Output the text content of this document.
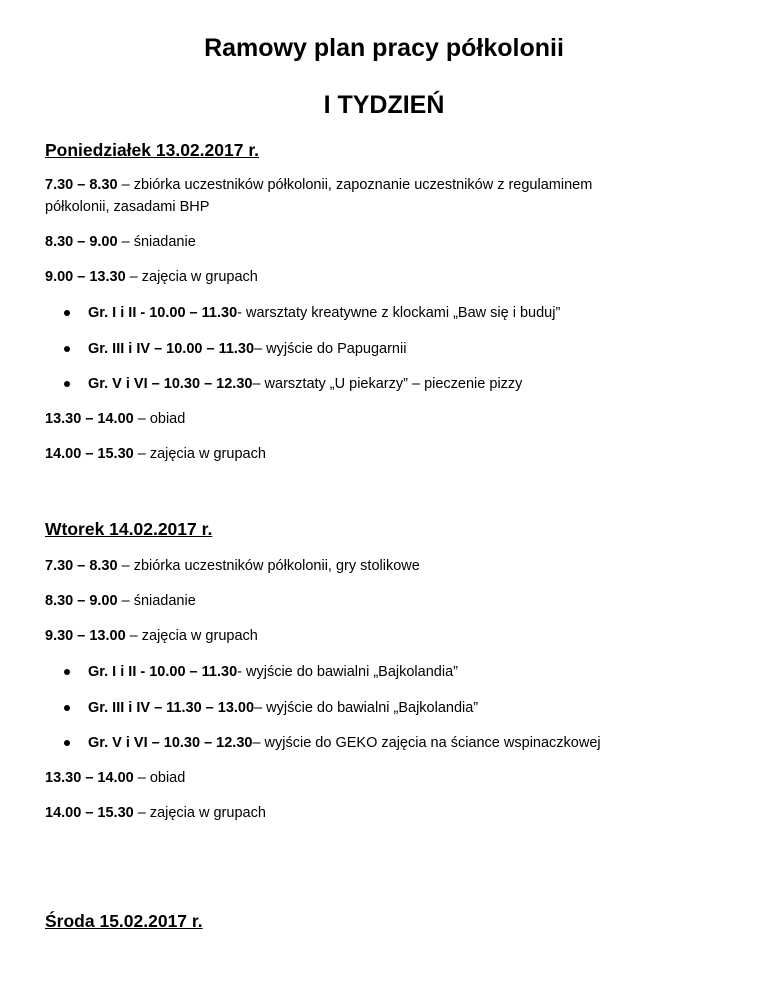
Ramowy plan pracy półkolonii
I TYDZIEŃ

Poniedziałek 13.02.2017 r.

7.30 – 8.30 – zbiórka uczestników półkolonii, zapoznanie uczestników z regulaminem

półkolonii, zasadami BHP

8.30 – 9.00 – śniadanie

9.00 – 13.30 – zajęcia w grupach

Gr. I i II - 10.00 – 11.30 - warsztaty kreatywne z klockami „Baw się i buduj”

Gr. III i IV – 10.00 – 11.30 – wyjście do Papugarnii

Gr. V i VI – 10.30 – 12.30 – warsztaty „U piekarzy” – pieczenie pizzy

13.30 – 14.00 – obiad

14.00 – 15.30 – zajęcia w grupach

Wtorek 14.02.2017 r.

7.30 – 8.30 – zbiórka uczestników półkolonii, gry stolikowe

8.30 – 9.00 – śniadanie

9.30 – 13.00 – zajęcia w grupach

Gr. I i II - 10.00 – 11.30 - wyjście do bawialni „Bajkolandia”

Gr. III i IV – 11.30 – 13.00 – wyjście do bawialni „Bajkolandia”

Gr. V i VI – 10.30 – 12.30 – wyjście do GEKO zajęcia na ściance wspinaczkowej

13.30 – 14.00 – obiad

14.00 – 15.30 – zajęcia w grupach

Środa 15.02.2017 r.
